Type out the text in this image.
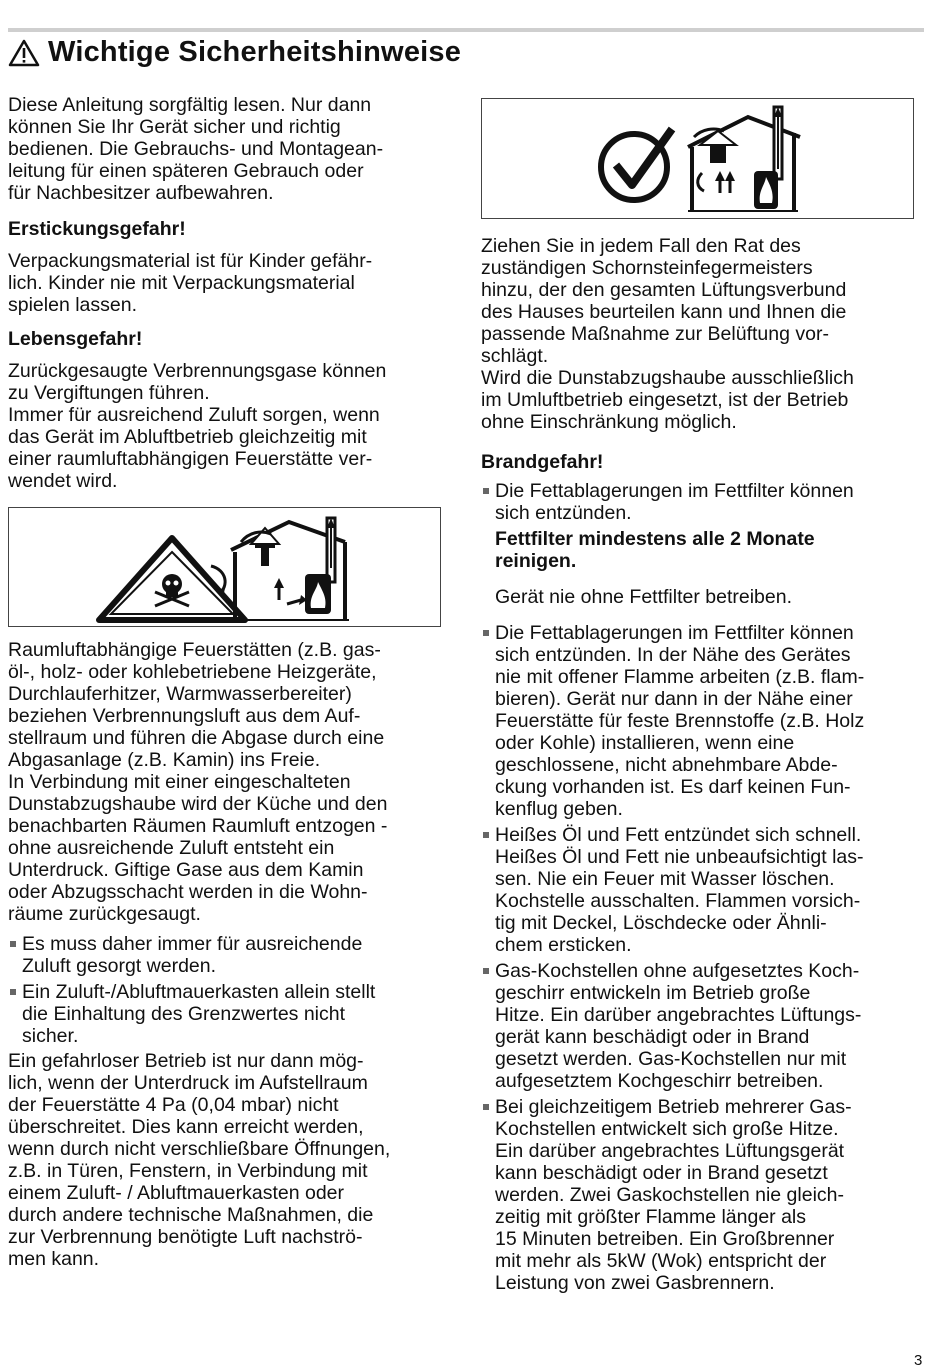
Wichtige Sicherheitshinweise
Diese Anleitung sorgfältig lesen. Nur dann
können Sie Ihr Gerät sicher und richtig
bedienen. Die Gebrauchs- und Montagean-
leitung für einen späteren Gebrauch oder
für Nachbesitzer aufbewahren.
Erstickungsgefahr!
Verpackungsmaterial ist für Kinder gefähr-
lich. Kinder nie mit Verpackungsmaterial
spielen lassen.
Lebensgefahr!
Zurückgesaugte Verbrennungsgase können
zu Vergiftungen führen.
Immer für ausreichend Zuluft sorgen, wenn
das Gerät im Abluftbetrieb gleichzeitig mit
einer raumluftabhängigen Feuerstätte ver-
wendet wird.
Raumluftabhängige Feuerstätten (z.B. gas-
öl-, holz- oder kohlebetriebene Heizgeräte,
Durchlauferhitzer, Warmwasserbereiter)
beziehen Verbrennungsluft aus dem Auf-
stellraum und führen die Abgase durch eine
Abgasanlage (z.B. Kamin) ins Freie.
In Verbindung mit einer eingeschalteten
Dunstabzugshaube wird der Küche und den
benachbarten Räumen Raumluft entzogen -
ohne ausreichende Zuluft entsteht ein
Unterdruck. Giftige Gase aus dem Kamin
oder Abzugsschacht werden in die Wohn-
räume zurückgesaugt.
Es muss daher immer für ausreichende
Zuluft gesorgt werden.
Ein Zuluft-/Abluftmauerkasten allein stellt
die Einhaltung des Grenzwertes nicht
sicher.
Ein gefahrloser Betrieb ist nur dann mög-
lich, wenn der Unterdruck im Aufstellraum
der Feuerstätte 4 Pa (0,04 mbar) nicht
überschreitet. Dies kann erreicht werden,
wenn durch nicht verschließbare Öffnungen,
z.B. in Türen, Fenstern, in Verbindung mit
einem Zuluft- / Abluftmauerkasten oder
durch andere technische Maßnahmen, die
zur Verbrennung benötigte Luft nachströ-
men kann.
Ziehen Sie in jedem Fall den Rat des
zuständigen Schornsteinfegermeisters
hinzu, der den gesamten Lüftungsverbund
des Hauses beurteilen kann und Ihnen die
passende Maßnahme zur Belüftung vor-
schlägt.
Wird die Dunstabzugshaube ausschließlich
im Umluftbetrieb eingesetzt, ist der Betrieb
ohne Einschränkung möglich.
Brandgefahr!
Die Fettablagerungen im Fettfilter können
sich entzünden.
Fettfilter mindestens alle 2 Monate
reinigen.
Gerät nie ohne Fettfilter betreiben.
Die Fettablagerungen im Fettfilter können
sich entzünden. In der Nähe des Gerätes
nie mit offener Flamme arbeiten (z.B. flam-
bieren). Gerät nur dann in der Nähe einer
Feuerstätte für feste Brennstoffe (z.B. Holz
oder Kohle) installieren, wenn eine
geschlossene, nicht abnehmbare Abde-
ckung vorhanden ist. Es darf keinen Fun-
kenflug geben.
Heißes Öl und Fett entzündet sich schnell.
Heißes Öl und Fett nie unbeaufsichtigt las-
sen. Nie ein Feuer mit Wasser löschen.
Kochstelle ausschalten. Flammen vorsich-
tig mit Deckel, Löschdecke oder Ähnli-
chem ersticken.
Gas-Kochstellen ohne aufgesetztes Koch-
geschirr entwickeln im Betrieb große
Hitze. Ein darüber angebrachtes Lüftungs-
gerät kann beschädigt oder in Brand
gesetzt werden. Gas-Kochstellen nur mit
aufgesetztem Kochgeschirr betreiben.
Bei gleichzeitigem Betrieb mehrerer Gas-
Kochstellen entwickelt sich große Hitze.
Ein darüber angebrachtes Lüftungsgerät
kann beschädigt oder in Brand gesetzt
werden. Zwei Gaskochstellen nie gleich-
zeitig mit größter Flamme länger als
15 Minuten betreiben. Ein Großbrenner
mit mehr als 5kW (Wok) entspricht der
Leistung von zwei Gasbrennern.
3
